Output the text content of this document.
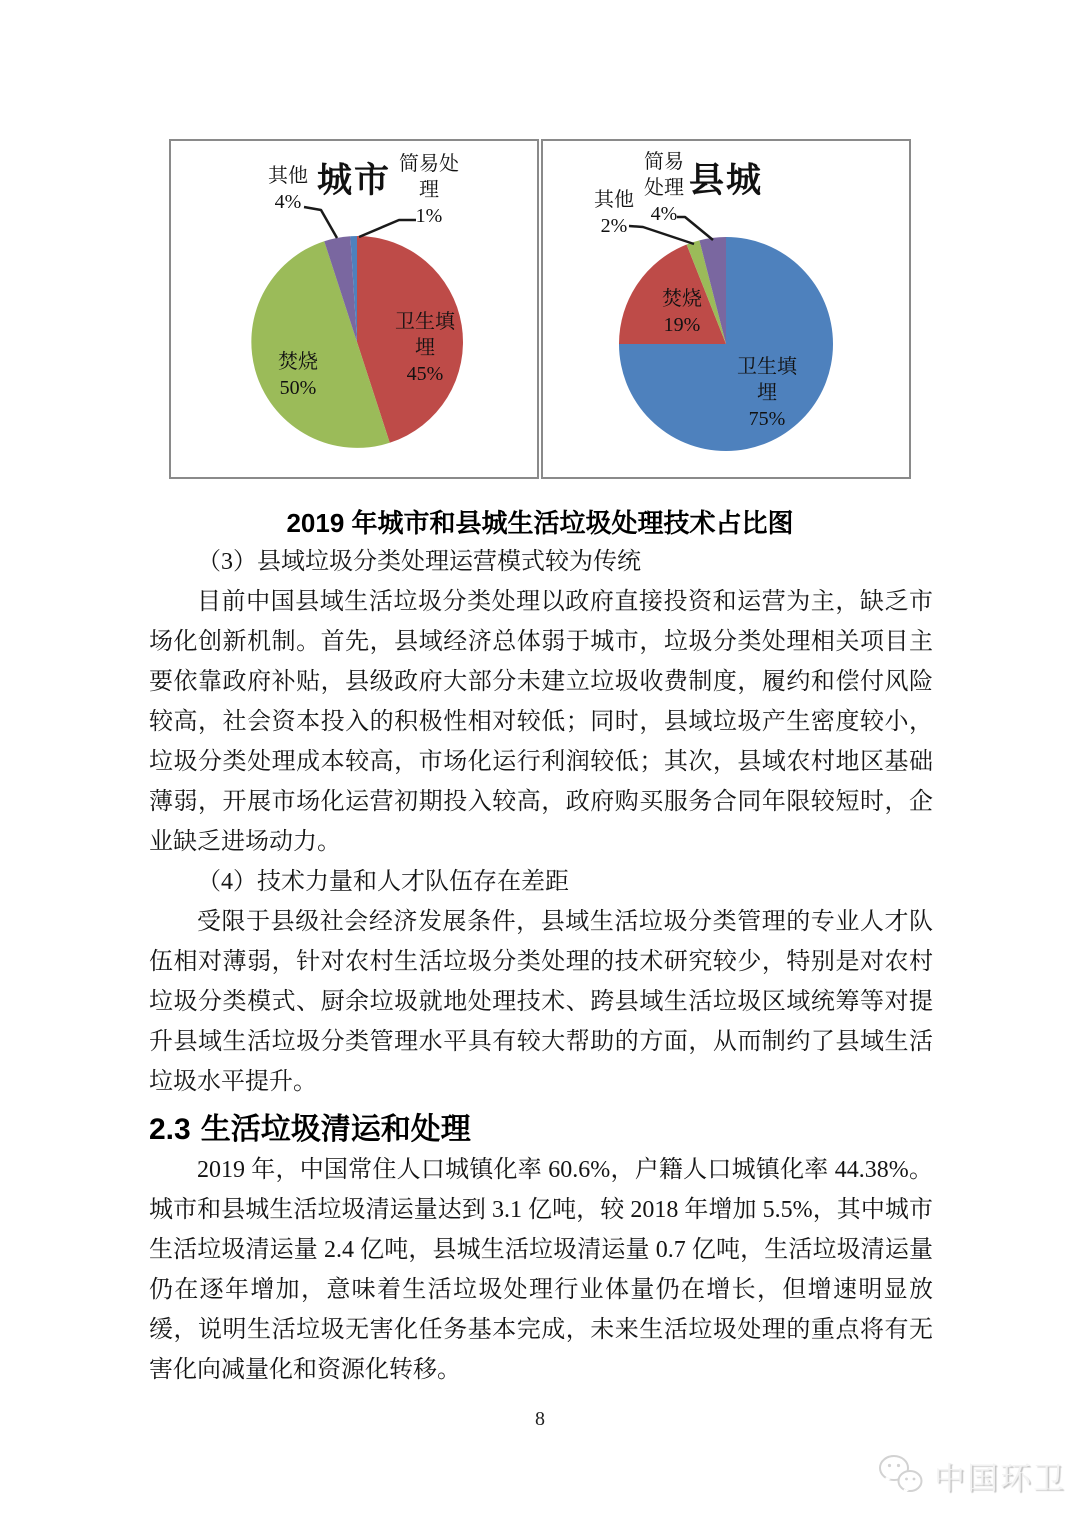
城市
其他
4%
简易处理
1%
卫生填埋
45%
焚烧
50%
县城
简易处理
4%
其他
2%
焚烧
19%
卫生填埋
75%
2019 年城市和县城生活垃圾处理技术占比图

（3）县域垃圾分类处理运营模式较为传统

目前中国县域生活垃圾分类处理以政府直接投资和运营为主，缺乏市场化创新机制。首先，县域经济总体弱于城市，垃圾分类处理相关项目主要依靠政府补贴，县级政府大部分未建立垃圾收费制度，履约和偿付风险较高，社会资本投入的积极性相对较低；同时，县域垃圾产生密度较小，垃圾分类处理成本较高，市场化运行利润较低；其次，县域农村地区基础薄弱，开展市场化运营初期投入较高，政府购买服务合同年限较短时，企业缺乏进场动力。

（4）技术力量和人才队伍存在差距

受限于县级社会经济发展条件，县域生活垃圾分类管理的专业人才队伍相对薄弱，针对农村生活垃圾分类处理的技术研究较少，特别是对农村垃圾分类模式、厨余垃圾就地处理技术、跨县域生活垃圾区域统筹等对提升县域生活垃圾分类管理水平具有较大帮助的方面，从而制约了县域生活垃圾水平提升。

2.3 生活垃圾清运和处理

2019 年，中国常住人口城镇化率 60.6%，户籍人口城镇化率 44.38%。城市和县城生活垃圾清运量达到 3.1 亿吨，较 2018 年增加 5.5%，其中城市生活垃圾清运量 2.4 亿吨，县城生活垃圾清运量 0.7 亿吨，生活垃圾清运量仍在逐年增加，意味着生活垃圾处理行业体量仍在增长，但增速明显放缓，说明生活垃圾无害化任务基本完成，未来生活垃圾处理的重点将有无害化向减量化和资源化转移。

8
中国环卫
